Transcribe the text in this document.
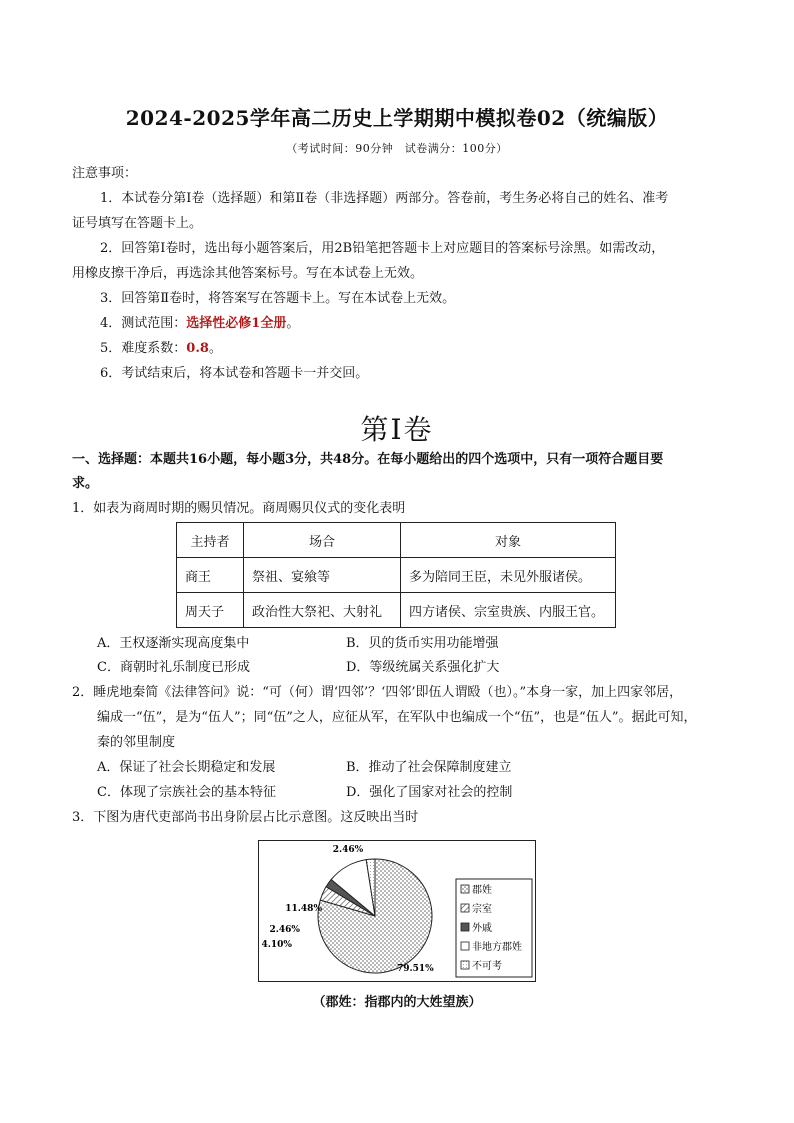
2024-2025学年高二历史上学期期中模拟卷02（统编版）
（考试时间：90分钟　试卷满分：100分）
注意事项：
1．本试卷分第Ⅰ卷（选择题）和第Ⅱ卷（非选择题）两部分。答卷前，考生务必将自己的姓名、准考
证号填写在答题卡上。
2．回答第Ⅰ卷时，选出每小题答案后，用2B铅笔把答题卡上对应题目的答案标号涂黑。如需改动，
用橡皮擦干净后，再选涂其他答案标号。写在本试卷上无效。
3．回答第Ⅱ卷时，将答案写在答题卡上。写在本试卷上无效。
4．测试范围：选择性必修1全册。
5．难度系数：0.8。
6．考试结束后，将本试卷和答题卡一并交回。
第Ⅰ卷
一、选择题：本题共16小题，每小题3分，共48分。在每小题给出的四个选项中，只有一项符合题目要
求。
1．如表为商周时期的赐贝情况。商周赐贝仪式的变化表明
主持者	场合	对象
商王	祭祖、宴飨等	多为陪同王臣，未见外服诸侯。
周天子	政治性大祭祀、大射礼	四方诸侯、宗室贵族、内服王官。
A．王权逐渐实现高度集中	B．贝的货币实用功能增强
C．商朝时礼乐制度已形成	D．等级统属关系强化扩大
2．睡虎地秦简《法律答问》说：“可（何）谓‘四邻’？‘四邻’即伍人谓殹（也）。”本身一家，加上四家邻居，
编成一“伍”，是为“伍人”；同“伍”之人，应征从军，在军队中也编成一个“伍”，也是“伍人”。据此可知，
秦的邻里制度
A．保证了社会长期稳定和发展	B．推动了社会保障制度建立
C．体现了宗族社会的基本特征	D．强化了国家对社会的控制
3．下图为唐代吏部尚书出身阶层占比示意图。这反映出当时
79.51%
4.10%
2.46%
11.48%
2.46%
郡姓
宗室
外戚
非地方郡姓
不可考
（郡姓：指郡内的大姓望族）
